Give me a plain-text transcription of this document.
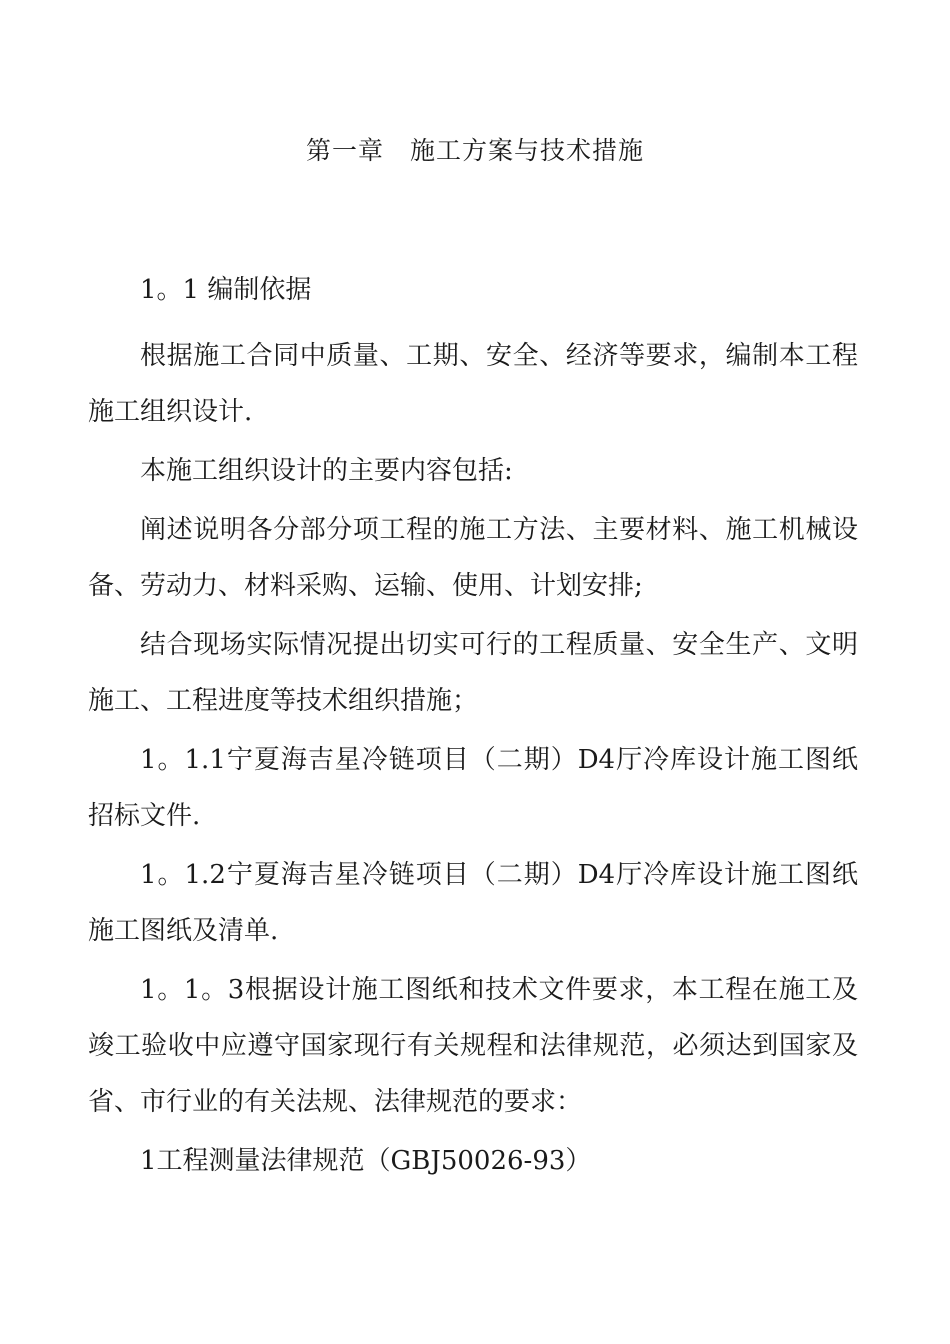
第一章　施工方案与技术措施

1。1 编制依据

根据施工合同中质量、工期、安全、经济等要求，编制本工程施工组织设计.

本施工组织设计的主要内容包括:

阐述说明各分部分项工程的施工方法、主要材料、施工机械设备、劳动力、材料采购、运输、使用、计划安排;

结合现场实际情况提出切实可行的工程质量、安全生产、文明施工、工程进度等技术组织措施；

1。1.1宁夏海吉星冷链项目（二期）D4厅冷库设计施工图纸招标文件.

1。1.2宁夏海吉星冷链项目（二期）D4厅冷库设计施工图纸施工图纸及清单.

1。1。3根据设计施工图纸和技术文件要求，本工程在施工及竣工验收中应遵守国家现行有关规程和法律规范，必须达到国家及省、市行业的有关法规、法律规范的要求：

1工程测量法律规范（GBJ50026-93）
